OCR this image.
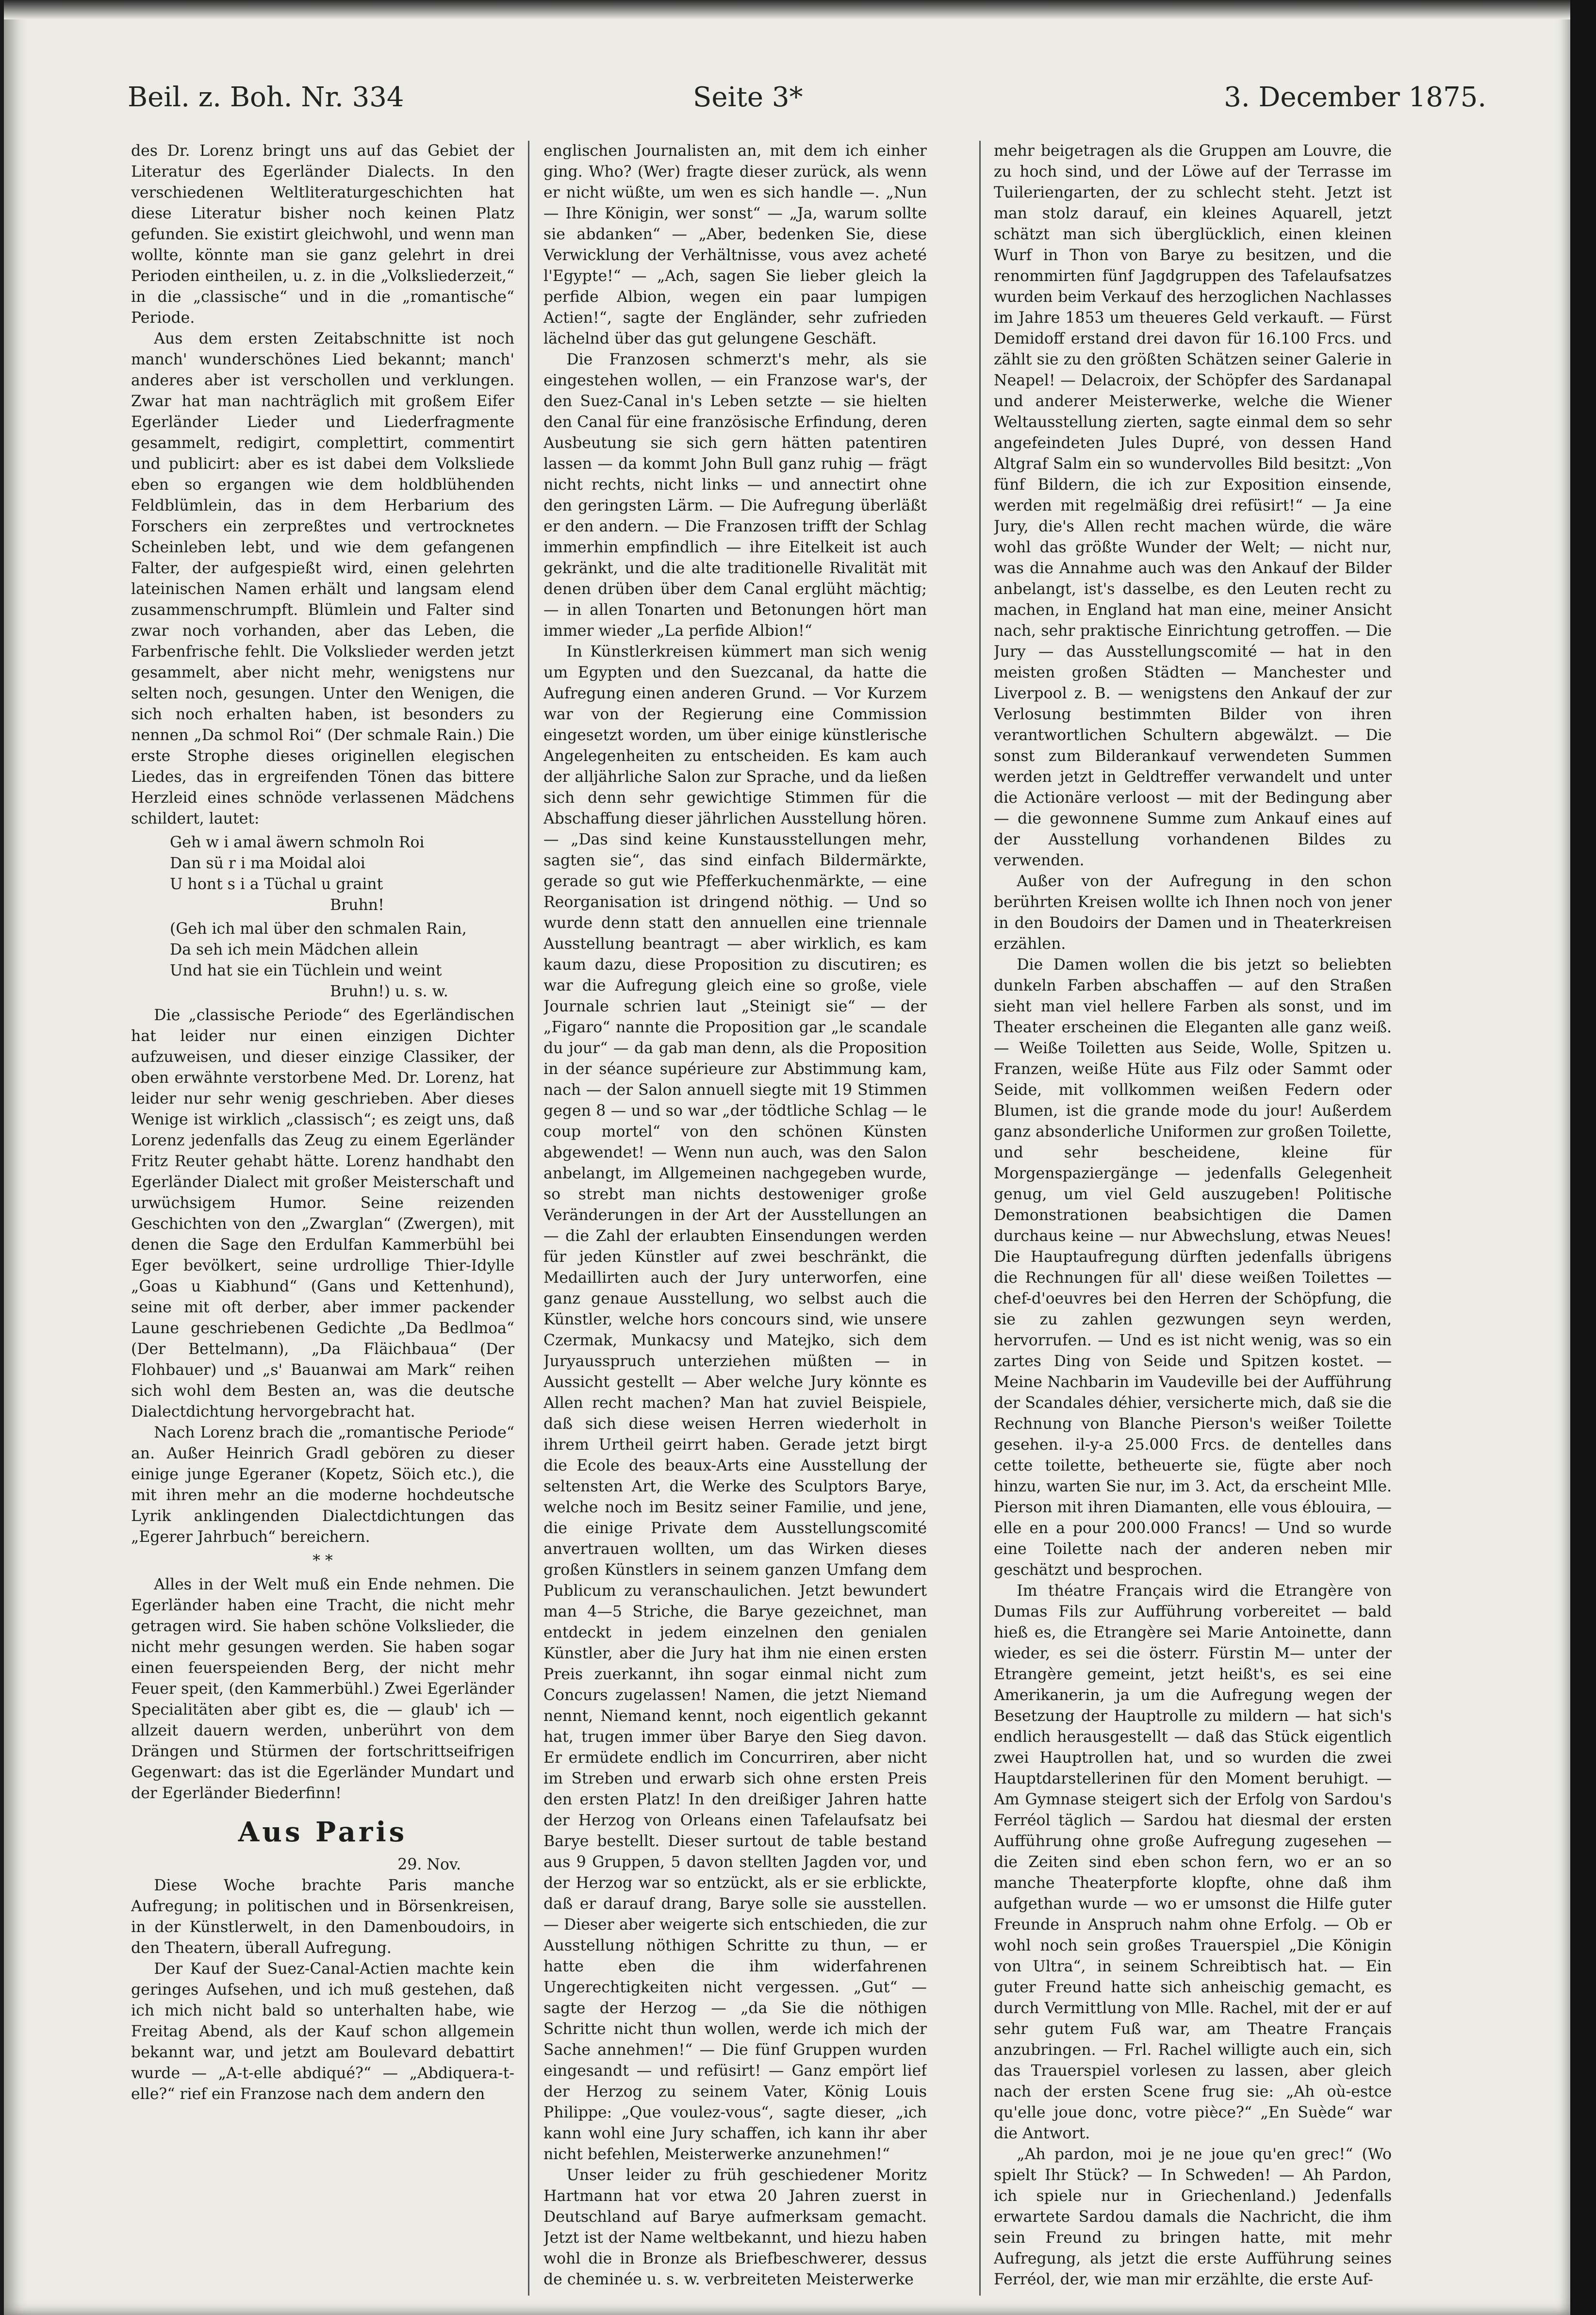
Beil. z. Boh. Nr. 334	Seite 3*	3. December 1875.

des Dr. Lorenz bringt uns auf das Gebiet der Literatur des Egerländer Dialects. In den verschiedenen Weltliteraturgeschichten hat diese Literatur bisher noch keinen Platz gefunden. Sie existirt gleichwohl, und wenn man wollte, könnte man sie ganz gelehrt in drei Perioden eintheilen, u. z. in die „Volksliederzeit,“ in die „classische“ und in die „romantische“ Periode.

Aus dem ersten Zeitabschnitte ist noch manch' wunderschönes Lied bekannt; manch' anderes aber ist verschollen und verklungen. Zwar hat man nachträglich mit großem Eifer Egerländer Lieder und Liederfragmente gesammelt, redigirt, complettirt, commentirt und publicirt: aber es ist dabei dem Volksliede eben so ergangen wie dem holdblühenden Feldblümlein, das in dem Herbarium des Forschers ein zerpreßtes und vertrocknetes Scheinleben lebt, und wie dem gefangenen Falter, der aufgespießt wird, einen gelehrten lateinischen Namen erhält und langsam elend zusammenschrumpft. Blümlein und Falter sind zwar noch vorhanden, aber das Leben, die Farbenfrische fehlt. Die Volkslieder werden jetzt gesammelt, aber nicht mehr, wenigstens nur selten noch, gesungen. Unter den Wenigen, die sich noch erhalten haben, ist besonders zu nennen „Da schmol Roi“ (Der schmale Rain.) Die erste Strophe dieses originellen elegischen Liedes, das in ergreifenden Tönen das bittere Herzleid eines schnöde verlassenen Mädchens schildert, lautet:

Geh w i amal äwern schmoln Roi
Dan sü r i ma Moidal aloi
U hont s i a Tüchal u graint
Bruhn!
(Geh ich mal über den schmalen Rain,
Da seh ich mein Mädchen allein
Und hat sie ein Tüchlein und weint
Bruhn!) u. s. w.

Die „classische Periode“ des Egerländischen hat leider nur einen einzigen Dichter aufzuweisen, und dieser einzige Classiker, der oben erwähnte verstorbene Med. Dr. Lorenz, hat leider nur sehr wenig geschrieben. Aber dieses Wenige ist wirklich „classisch“; es zeigt uns, daß Lorenz jedenfalls das Zeug zu einem Egerländer Fritz Reuter gehabt hätte. Lorenz handhabt den Egerländer Dialect mit großer Meisterschaft und urwüchsigem Humor. Seine reizenden Geschichten von den „Zwarglan“ (Zwergen), mit denen die Sage den Erdulfan Kammerbühl bei Eger bevölkert, seine urdrollige Thier-Idylle „Goas u Kiabhund“ (Gans und Kettenhund), seine mit oft derber, aber immer packender Laune geschriebenen Gedichte „Da Bedlmoa“ (Der Bettelmann), „Da Fläichbaua“ (Der Flohbauer) und „s' Bauanwai am Mark“ reihen sich wohl dem Besten an, was die deutsche Dialectdichtung hervorgebracht hat.

Nach Lorenz brach die „romantische Periode“ an. Außer Heinrich Gradl gebören zu dieser einige junge Egeraner (Kopetz, Söich etc.), die mit ihren mehr an die moderne hochdeutsche Lyrik anklingenden Dialectdichtungen das „Egerer Jahrbuch“ bereichern.

* *

Alles in der Welt muß ein Ende nehmen. Die Egerländer haben eine Tracht, die nicht mehr getragen wird. Sie haben schöne Volkslieder, die nicht mehr gesungen werden. Sie haben sogar einen feuerspeienden Berg, der nicht mehr Feuer speit, (den Kammerbühl.) Zwei Egerländer Specialitäten aber gibt es, die — glaub' ich — allzeit dauern werden, unberührt von dem Drängen und Stürmen der fortschrittseifrigen Gegenwart: das ist die Egerländer Mundart und der Egerländer Biederfinn!

Aus Paris
29. Nov.

Diese Woche brachte Paris manche Aufregung; in politischen und in Börsenkreisen, in der Künstlerwelt, in den Damenboudoirs, in den Theatern, überall Aufregung.

Der Kauf der Suez-Canal-Actien machte kein geringes Aufsehen, und ich muß gestehen, daß ich mich nicht bald so unterhalten habe, wie Freitag Abend, als der Kauf schon allgemein bekannt war, und jetzt am Boulevard debattirt wurde — „A-t-elle abdiqué?“ — „Abdiquera-t-elle?“ rief ein Franzose nach dem andern den

englischen Journalisten an, mit dem ich einher ging. Who? (Wer) fragte dieser zurück, als wenn er nicht wüßte, um wen es sich handle —. „Nun — Ihre Königin, wer sonst“ — „Ja, warum sollte sie abdanken“ — „Aber, bedenken Sie, diese Verwicklung der Verhältnisse, vous avez acheté l'Egypte!“ — „Ach, sagen Sie lieber gleich la perfide Albion, wegen ein paar lumpigen Actien!“, sagte der Engländer, sehr zufrieden lächelnd über das gut gelungene Geschäft.

Die Franzosen schmerzt's mehr, als sie eingestehen wollen, — ein Franzose war's, der den Suez-Canal in's Leben setzte — sie hielten den Canal für eine französische Erfindung, deren Ausbeutung sie sich gern hätten patentiren lassen — da kommt John Bull ganz ruhig — frägt nicht rechts, nicht links — und annectirt ohne den geringsten Lärm. — Die Aufregung überläßt er den andern. — Die Franzosen trifft der Schlag immerhin empfindlich — ihre Eitelkeit ist auch gekränkt, und die alte traditionelle Rivalität mit denen drüben über dem Canal erglüht mächtig; — in allen Tonarten und Betonungen hört man immer wieder „La perfide Albion!“

In Künstlerkreisen kümmert man sich wenig um Egypten und den Suezcanal, da hatte die Aufregung einen anderen Grund. — Vor Kurzem war von der Regierung eine Commission eingesetzt worden, um über einige künstlerische Angelegenheiten zu entscheiden. Es kam auch der alljährliche Salon zur Sprache, und da ließen sich denn sehr gewichtige Stimmen für die Abschaffung dieser jährlichen Ausstellung hören. — „Das sind keine Kunstausstellungen mehr, sagten sie“, das sind einfach Bildermärkte, gerade so gut wie Pfefferkuchenmärkte, — eine Reorganisation ist dringend nöthig. — Und so wurde denn statt den annuellen eine triennale Ausstellung beantragt — aber wirklich, es kam kaum dazu, diese Proposition zu discutiren; es war die Aufregung gleich eine so große, viele Journale schrien laut „Steinigt sie“ — der „Figaro“ nannte die Proposition gar „le scandale du jour“ — da gab man denn, als die Proposition in der séance supérieure zur Abstimmung kam, nach — der Salon annuell siegte mit 19 Stimmen gegen 8 — und so war „der tödtliche Schlag — le coup mortel“ von den schönen Künsten abgewendet! — Wenn nun auch, was den Salon anbelangt, im Allgemeinen nachgegeben wurde, so strebt man nichts destoweniger große Veränderungen in der Art der Ausstellungen an — die Zahl der erlaubten Einsendungen werden für jeden Künstler auf zwei beschränkt, die Medaillirten auch der Jury unterworfen, eine ganz genaue Ausstellung, wo selbst auch die Künstler, welche hors concours sind, wie unsere Czermak, Munkacsy und Matejko, sich dem Juryausspruch unterziehen müßten — in Aussicht gestellt — Aber welche Jury könnte es Allen recht machen? Man hat zuviel Beispiele, daß sich diese weisen Herren wiederholt in ihrem Urtheil geirrt haben. Gerade jetzt birgt die Ecole des beaux-Arts eine Ausstellung der seltensten Art, die Werke des Sculptors Barye, welche noch im Besitz seiner Familie, und jene, die einige Private dem Ausstellungscomité anvertrauen wollten, um das Wirken dieses großen Künstlers in seinem ganzen Umfang dem Publicum zu veranschaulichen. Jetzt bewundert man 4—5 Striche, die Barye gezeichnet, man entdeckt in jedem einzelnen den genialen Künstler, aber die Jury hat ihm nie einen ersten Preis zuerkannt, ihn sogar einmal nicht zum Concurs zugelassen! Namen, die jetzt Niemand nennt, Niemand kennt, noch eigentlich gekannt hat, trugen immer über Barye den Sieg davon. Er ermüdete endlich im Concurriren, aber nicht im Streben und erwarb sich ohne ersten Preis den ersten Platz! In den dreißiger Jahren hatte der Herzog von Orleans einen Tafelaufsatz bei Barye bestellt. Dieser surtout de table bestand aus 9 Gruppen, 5 davon stellten Jagden vor, und der Herzog war so entzückt, als er sie erblickte, daß er darauf drang, Barye solle sie ausstellen. — Dieser aber weigerte sich entschieden, die zur Ausstellung nöthigen Schritte zu thun, — er hatte eben die ihm widerfahrenen Ungerechtigkeiten nicht vergessen. „Gut“ — sagte der Herzog — „da Sie die nöthigen Schritte nicht thun wollen, werde ich mich der Sache annehmen!“ — Die fünf Gruppen wurden eingesandt — und refüsirt! — Ganz empört lief der Herzog zu seinem Vater, König Louis Philippe: „Que voulez-vous“, sagte dieser, „ich kann wohl eine Jury schaffen, ich kann ihr aber nicht befehlen, Meisterwerke anzunehmen!“

Unser leider zu früh geschiedener Moritz Hartmann hat vor etwa 20 Jahren zuerst in Deutschland auf Barye aufmerksam gemacht. Jetzt ist der Name weltbekannt, und hiezu haben wohl die in Bronze als Briefbeschwerer, dessus de cheminée u. s. w. verbreiteten Meisterwerke

mehr beigetragen als die Gruppen am Louvre, die zu hoch sind, und der Löwe auf der Terrasse im Tuileriengarten, der zu schlecht steht. Jetzt ist man stolz darauf, ein kleines Aquarell, jetzt schätzt man sich überglücklich, einen kleinen Wurf in Thon von Barye zu besitzen, und die renommirten fünf Jagdgruppen des Tafelaufsatzes wurden beim Verkauf des herzoglichen Nachlasses im Jahre 1853 um theueres Geld verkauft. — Fürst Demidoff erstand drei davon für 16.100 Frcs. und zählt sie zu den größten Schätzen seiner Galerie in Neapel! — Delacroix, der Schöpfer des Sardanapal und anderer Meisterwerke, welche die Wiener Weltausstellung zierten, sagte einmal dem so sehr angefeindeten Jules Dupré, von dessen Hand Altgraf Salm ein so wundervolles Bild besitzt: „Von fünf Bildern, die ich zur Exposition einsende, werden mit regelmäßig drei refüsirt!“ — Ja eine Jury, die's Allen recht machen würde, die wäre wohl das größte Wunder der Welt; — nicht nur, was die Annahme auch was den Ankauf der Bilder anbelangt, ist's dasselbe, es den Leuten recht zu machen, in England hat man eine, meiner Ansicht nach, sehr praktische Einrichtung getroffen. — Die Jury — das Ausstellungscomité — hat in den meisten großen Städten — Manchester und Liverpool z. B. — wenigstens den Ankauf der zur Verlosung bestimmten Bilder von ihren verantwortlichen Schultern abgewälzt. — Die sonst zum Bilderankauf verwendeten Summen werden jetzt in Geldtreffer verwandelt und unter die Actionäre verloost — mit der Bedingung aber — die gewonnene Summe zum Ankauf eines auf der Ausstellung vorhandenen Bildes zu verwenden.

Außer von der Aufregung in den schon berührten Kreisen wollte ich Ihnen noch von jener in den Boudoirs der Damen und in Theaterkreisen erzählen.

Die Damen wollen die bis jetzt so beliebten dunkeln Farben abschaffen — auf den Straßen sieht man viel hellere Farben als sonst, und im Theater erscheinen die Eleganten alle ganz weiß. — Weiße Toiletten aus Seide, Wolle, Spitzen u. Franzen, weiße Hüte aus Filz oder Sammt oder Seide, mit vollkommen weißen Federn oder Blumen, ist die grande mode du jour! Außerdem ganz absonderliche Uniformen zur großen Toilette, und sehr bescheidene, kleine für Morgenspaziergänge — jedenfalls Gelegenheit genug, um viel Geld auszugeben! Politische Demonstrationen beabsichtigen die Damen durchaus keine — nur Abwechslung, etwas Neues! Die Hauptaufregung dürften jedenfalls übrigens die Rechnungen für all' diese weißen Toilettes — chef-d'oeuvres bei den Herren der Schöpfung, die sie zu zahlen gezwungen seyn werden, hervorrufen. — Und es ist nicht wenig, was so ein zartes Ding von Seide und Spitzen kostet. — Meine Nachbarin im Vaudeville bei der Aufführung der Scandales déhier, versicherte mich, daß sie die Rechnung von Blanche Pierson's weißer Toilette gesehen. il-y-a 25.000 Frcs. de dentelles dans cette toilette, betheuerte sie, fügte aber noch hinzu, warten Sie nur, im 3. Act, da erscheint Mlle. Pierson mit ihren Diamanten, elle vous éblouira, — elle en a pour 200.000 Francs! — Und so wurde eine Toilette nach der anderen neben mir geschätzt und besprochen.

Im théatre Français wird die Etrangère von Dumas Fils zur Aufführung vorbereitet — bald hieß es, die Etrangère sei Marie Antoinette, dann wieder, es sei die österr. Fürstin M— unter der Etrangère gemeint, jetzt heißt's, es sei eine Amerikanerin, ja um die Aufregung wegen der Besetzung der Hauptrolle zu mildern — hat sich's endlich herausgestellt — daß das Stück eigentlich zwei Hauptrollen hat, und so wurden die zwei Hauptdarstellerinen für den Moment beruhigt. — Am Gymnase steigert sich der Erfolg von Sardou's Ferréol täglich — Sardou hat diesmal der ersten Aufführung ohne große Aufregung zugesehen — die Zeiten sind eben schon fern, wo er an so manche Theaterpforte klopfte, ohne daß ihm aufgethan wurde — wo er umsonst die Hilfe guter Freunde in Anspruch nahm ohne Erfolg. — Ob er wohl noch sein großes Trauerspiel „Die Königin von Ultra“, in seinem Schreibtisch hat. — Ein guter Freund hatte sich anheischig gemacht, es durch Vermittlung von Mlle. Rachel, mit der er auf sehr gutem Fuß war, am Theatre Français anzubringen. — Frl. Rachel willigte auch ein, sich das Trauerspiel vorlesen zu lassen, aber gleich nach der ersten Scene frug sie: „Ah où-estce qu'elle joue donc, votre pièce?“ „En Suède“ war die Antwort.

„Ah pardon, moi je ne joue qu'en grec!“ (Wo spielt Ihr Stück? — In Schweden! — Ah Pardon, ich spiele nur in Griechenland.) Jedenfalls erwartete Sardou damals die Nachricht, die ihm sein Freund zu bringen hatte, mit mehr Aufregung, als jetzt die erste Aufführung seines Ferréol, der, wie man mir erzählte, die erste Auf-
